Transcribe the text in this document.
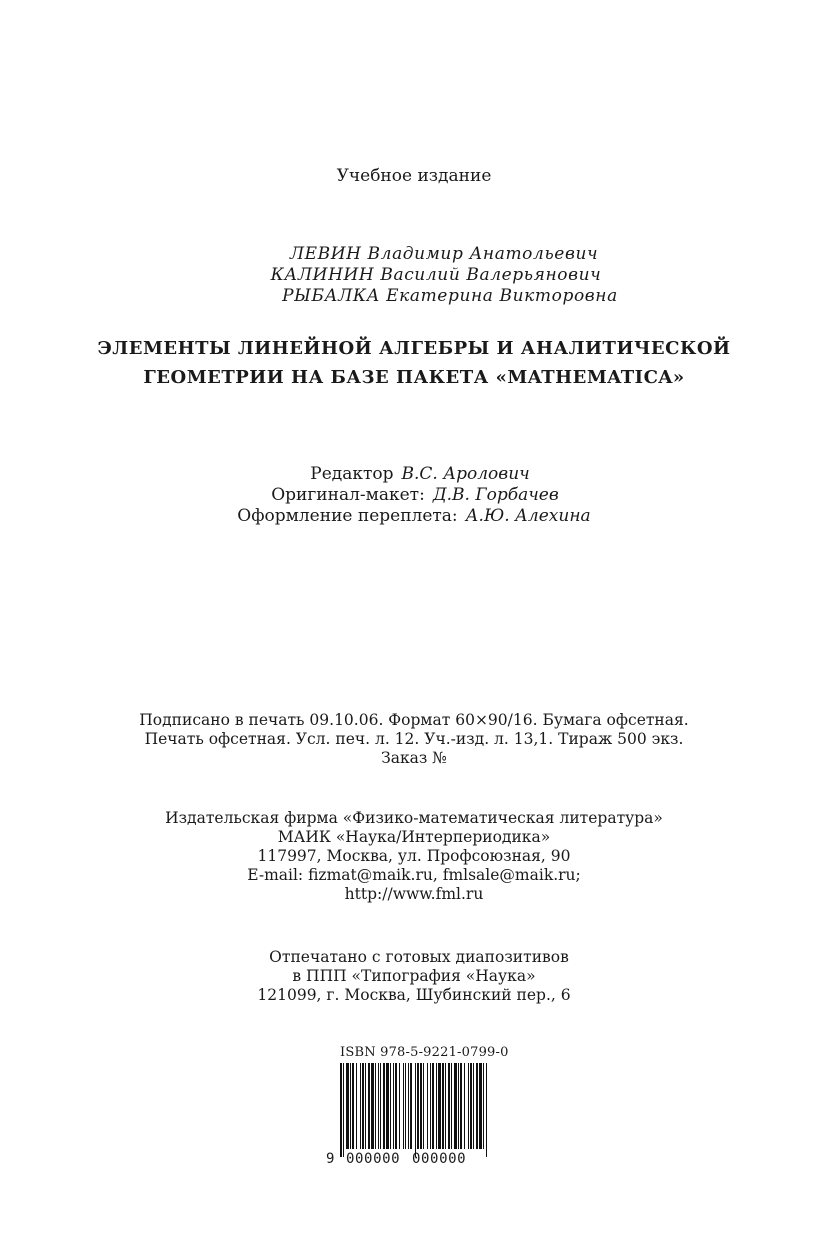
Учебное издание
ЛЕВИН Владимир Анатольевич
КАЛИНИН Василий Валерьянович
РЫБАЛКА Екатерина Викторовна
ЭЛЕМЕНТЫ ЛИНЕЙНОЙ АЛГЕБРЫ И АНАЛИТИЧЕСКОЙ
ГЕОМЕТРИИ НА БАЗЕ ПАКЕТА «MATHEMATICA»
Редактор В.С. Аролович
Оригинал-макет: Д.В. Горбачев
Оформление переплета: А.Ю. Алехина
Подписано в печать 09.10.06. Формат 60×90/16. Бумага офсетная.
Печать офсетная. Усл. печ. л. 12. Уч.-изд. л. 13,1. Тираж 500 экз.
Заказ №
Издательская фирма «Физико-математическая литература»
МАИК «Наука/Интерпериодика»
117997, Москва, ул. Профсоюзная, 90
E-mail: fizmat@maik.ru, fmlsale@maik.ru;
http://www.fml.ru
Отпечатано с готовых диапозитивов
в ППП «Типография «Наука»
121099, г. Москва, Шубинский пер., 6
ISBN 978-5-9221-0799-0
9 000000 000000
